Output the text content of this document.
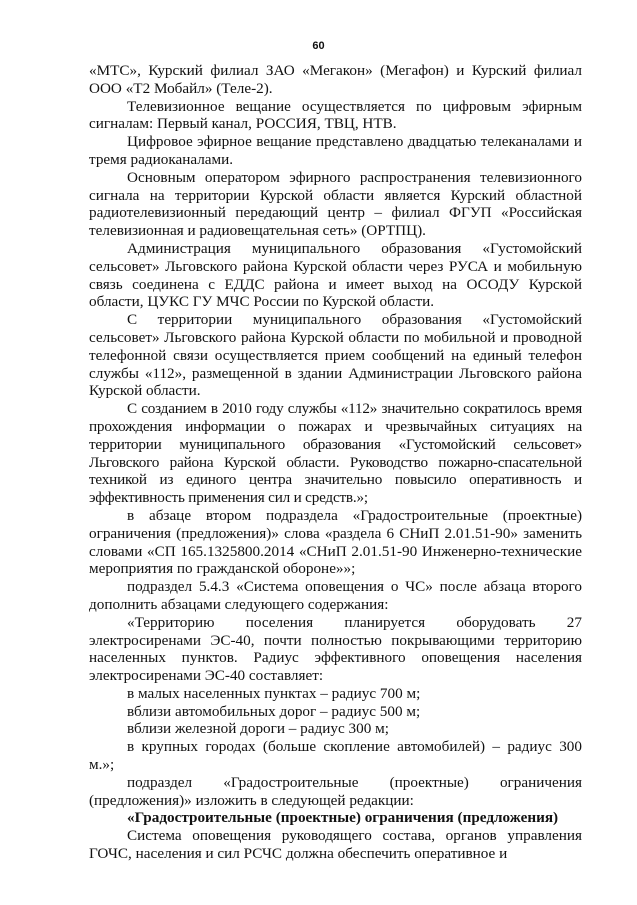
60

«МТС», Курский филиал ЗАО «Мегакон» (Мегафон) и Курский филиал ООО «Т2 Мобайл» (Теле-2).

Телевизионное вещание осуществляется по цифровым эфирным сигналам: Первый канал, РОССИЯ, ТВЦ, НТВ.

Цифровое эфирное вещание представлено двадцатью телеканалами и тремя радиоканалами.

Основным оператором эфирного распространения телевизионного сигнала на территории Курской области является Курский областной радиотелевизионный передающий центр – филиал ФГУП «Российская телевизионная и радиовещательная сеть» (ОРТПЦ).

Администрация муниципального образования «Густомойский сельсовет» Льговского района Курской области через РУСА и мобильную связь соединена с ЕДДС района и имеет выход на ОСОДУ Курской области, ЦУКС ГУ МЧС России по Курской области.

С территории муниципального образования «Густомойский сельсовет» Льговского района Курской области по мобильной и проводной телефонной связи осуществляется прием сообщений на единый телефон службы «112», размещенной в здании Администрации Льговского района Курской области.

С созданием в 2010 году службы «112» значительно сократилось время прохождения информации о пожарах и чрезвычайных ситуациях на территории муниципального образования «Густомойский сельсовет» Льговского района Курской области. Руководство пожарно-спасательной техникой из единого центра значительно повысило оперативность и эффективность применения сил и средств.»;

в абзаце втором подраздела «Градостроительные (проектные) ограничения (предложения)» слова «раздела 6 СНиП 2.01.51-90» заменить словами «СП 165.1325800.2014 «СНиП 2.01.51-90 Инженерно-технические мероприятия по гражданской обороне»»;

подраздел 5.4.3 «Система оповещения о ЧС» после абзаца второго дополнить абзацами следующего содержания:

«Территорию поселения планируется оборудовать 27 электросиренами ЭС-40, почти полностью покрывающими территорию населенных пунктов. Радиус эффективного оповещения населения электросиренами ЭС-40 составляет:

в малых населенных пунктах – радиус 700 м;

вблизи автомобильных дорог – радиус 500 м;

вблизи железной дороги – радиус 300 м;

в крупных городах (больше скопление автомобилей) – радиус 300 м.»;

подраздел «Градостроительные (проектные) ограничения (предложения)» изложить в следующей редакции:

«Градостроительные (проектные) ограничения (предложения)

Система оповещения руководящего состава, органов управления ГОЧС, населения и сил РСЧС должна обеспечить оперативное и
